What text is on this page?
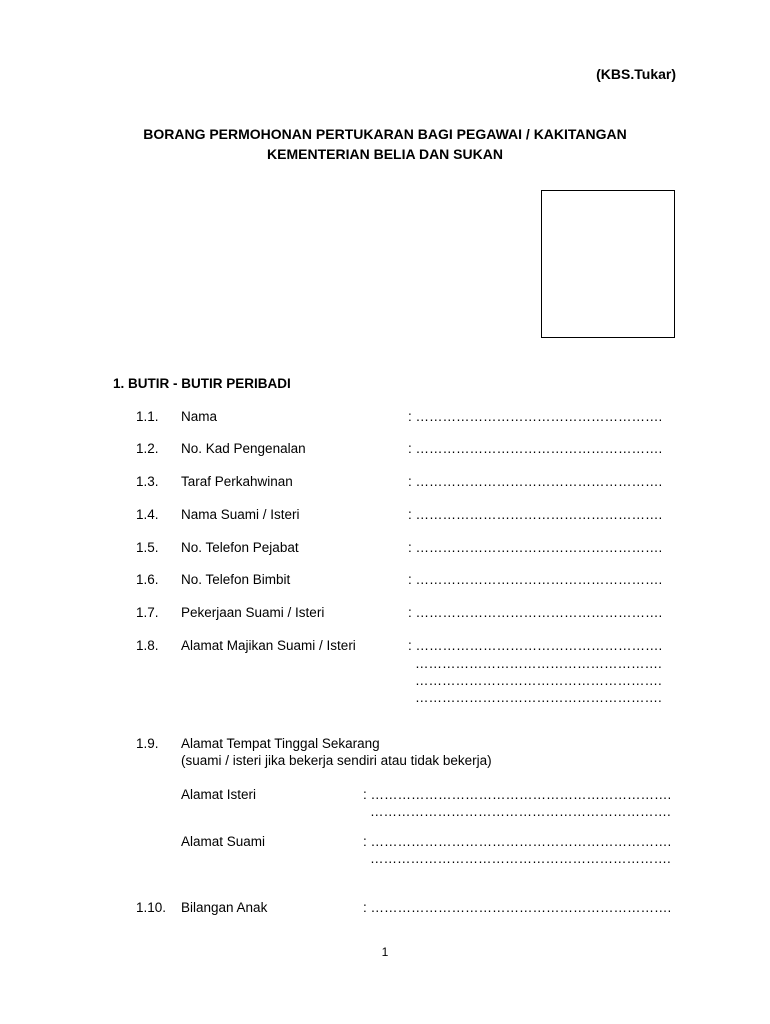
(KBS.Tukar)
BORANG PERMOHONAN PERTUKARAN BAGI PEGAWAI / KAKITANGAN
KEMENTERIAN BELIA DAN SUKAN
1. BUTIR - BUTIR PERIBADI
1.1. Nama	: ……………………………………………….
1.2. No. Kad Pengenalan	: ……………………………………………….
1.3. Taraf Perkahwinan	: ……………………………………………….
1.4. Nama Suami / Isteri	: ……………………………………………….
1.5. No. Telefon Pejabat	: ……………………………………………….
1.6. No. Telefon Bimbit	: ……………………………………………….
1.7. Pekerjaan Suami / Isteri	: ……………………………………………….
1.8. Alamat Majikan Suami / Isteri	: ……………………………………………….
……………………………………………….
……………………………………………….
……………………………………………….
1.9. Alamat Tempat Tinggal Sekarang
(suami / isteri jika bekerja sendiri atau tidak bekerja)
Alamat Isteri	: ………………………………………………………….
………………………………………………………….
Alamat Suami	: ………………………………………………………….
………………………………………………………….
1.10. Bilangan Anak	: ………………………………………………………….
1
